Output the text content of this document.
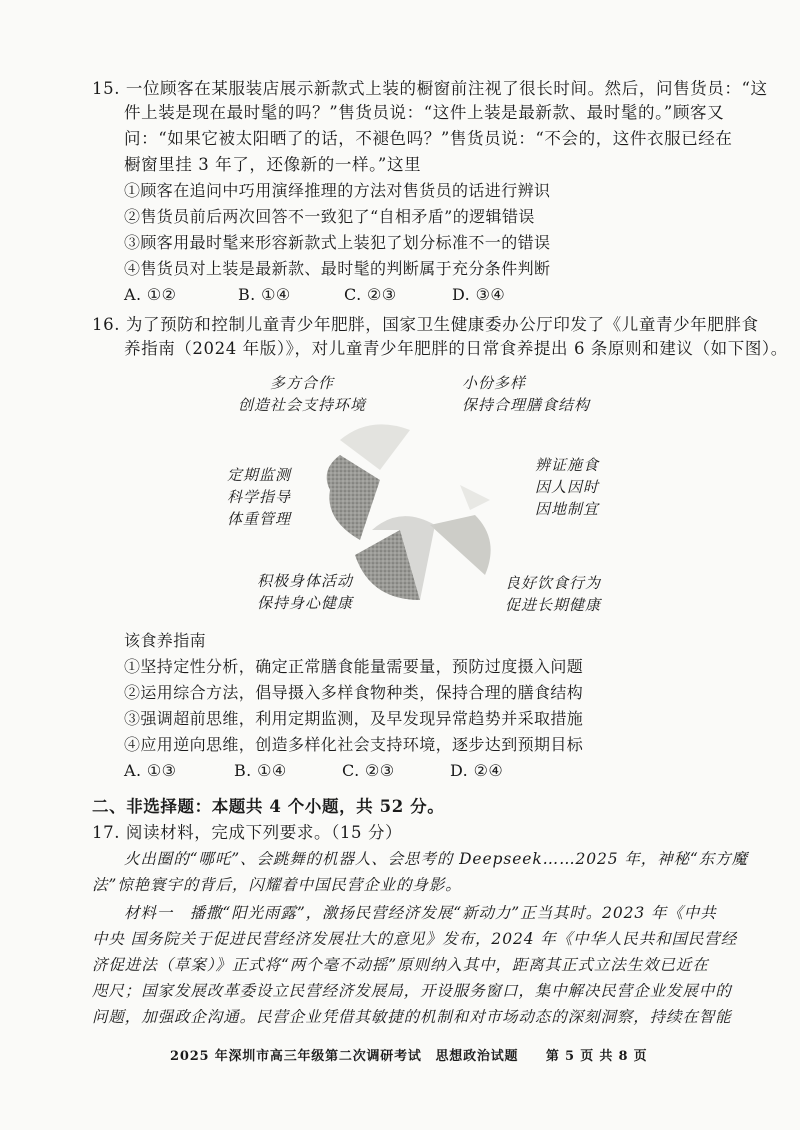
15. 一位顾客在某服装店展示新款式上装的橱窗前注视了很长时间。然后，问售货员：“这
件上装是现在最时髦的吗？”售货员说：“这件上装是最新款、最时髦的。”顾客又
问：“如果它被太阳晒了的话，不褪色吗？”售货员说：“不会的，这件衣服已经在
橱窗里挂 3 年了，还像新的一样。”这里
①顾客在追问中巧用演绎推理的方法对售货员的话进行辨识
②售货员前后两次回答不一致犯了“自相矛盾”的逻辑错误
③顾客用最时髦来形容新款式上装犯了划分标准不一的错误
④售货员对上装是最新款、最时髦的判断属于充分条件判断
A. ①②	B. ①④	C. ②③	D. ③④
16. 为了预防和控制儿童青少年肥胖，国家卫生健康委办公厅印发了《儿童青少年肥胖食
养指南（2024 年版）》，对儿童青少年肥胖的日常食养提出 6 条原则和建议（如下图）。
多方合作
创造社会支持环境
小份多样
保持合理膳食结构
定期监测
科学指导
体重管理
辨证施食
因人因时
因地制宜
积极身体活动
保持身心健康
良好饮食行为
促进长期健康
该食养指南
①坚持定性分析，确定正常膳食能量需要量，预防过度摄入问题
②运用综合方法，倡导摄入多样食物种类，保持合理的膳食结构
③强调超前思维，利用定期监测，及早发现异常趋势并采取措施
④应用逆向思维，创造多样化社会支持环境，逐步达到预期目标
A. ①③	B. ①④	C. ②③	D. ②④
二、非选择题：本题共 4 个小题，共 52 分。
17. 阅读材料，完成下列要求。（15 分）
火出圈的“哪吒”、会跳舞的机器人、会思考的 Deepseek……2025 年，神秘“东方魔
法”惊艳寰宇的背后，闪耀着中国民营企业的身影。
材料一　播撒“阳光雨露”，激扬民营经济发展“新动力”正当其时。2023 年《中共
中央 国务院关于促进民营经济发展壮大的意见》发布，2024 年《中华人民共和国民营经
济促进法（草案）》正式将“两个毫不动摇”原则纳入其中，距离其正式立法生效已近在
咫尺；国家发展改革委设立民营经济发展局，开设服务窗口，集中解决民营企业发展中的
问题，加强政企沟通。民营企业凭借其敏捷的机制和对市场动态的深刻洞察，持续在智能
2025 年深圳市高三年级第二次调研考试　思想政治试题　　第 5 页 共 8 页
